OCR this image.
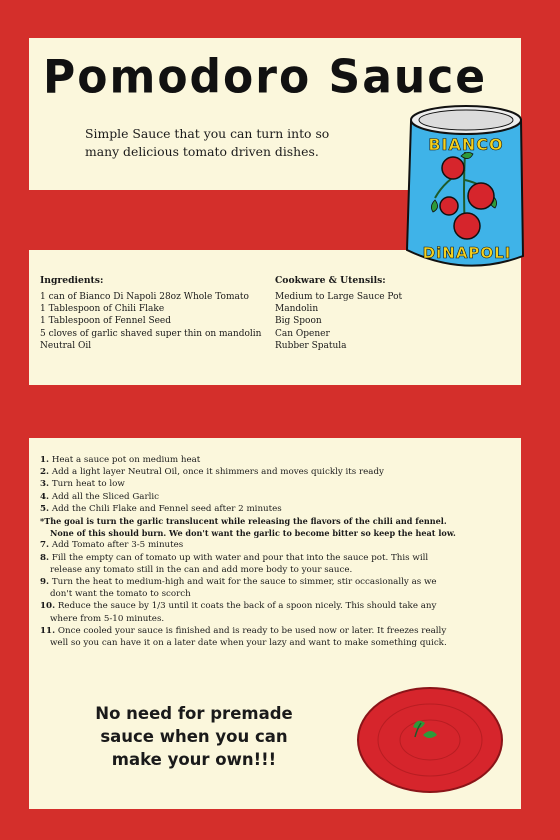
Pomodoro Sauce

Simple Sauce that you can turn into so many delicious tomato driven dishes.

Ingredients:

1 can of Bianco Di Napoli 28oz Whole Tomato
1 Tablespoon of Chili Flake
1 Tablespoon of Fennel Seed
5 cloves of garlic shaved super thin on mandolin
Neutral Oil

Cookware & Utensils:

Medium to Large Sauce Pot
Mandolin
Big Spoon
Can Opener
Rubber Spatula
1. Heat a sauce pot on medium heat
2. Add a light layer Neutral Oil, once it shimmers and moves quickly its ready
3. Turn heat to low
4. Add all the Sliced Garlic
5. Add the Chili Flake and Fennel seed after 2 minutes
*The goal is turn the garlic translucent while releasing the flavors of the chili and fennel.
None of this should burn. We don't want the garlic to become bitter so keep the heat low.
7. Add Tomato after 3-5 minutes
8. Fill the empty can of tomato up with water and pour that into the sauce pot. This will
release any tomato still in the can and add more body to your sauce.
9. Turn the heat to medium-high and wait for the sauce to simmer, stir occasionally as we
don't want the tomato to scorch
10. Reduce the sauce by 1/3 until it coats the back of a spoon nicely. This should take any
where from 5-10 minutes.
11. Once cooled your sauce is finished and is ready to be used now or later. It freezes really
well so you can have it on a later date when your lazy and want to make something quick.

No need for premade sauce when you can make your own!!!

BIANCO
DiNAPOLI
